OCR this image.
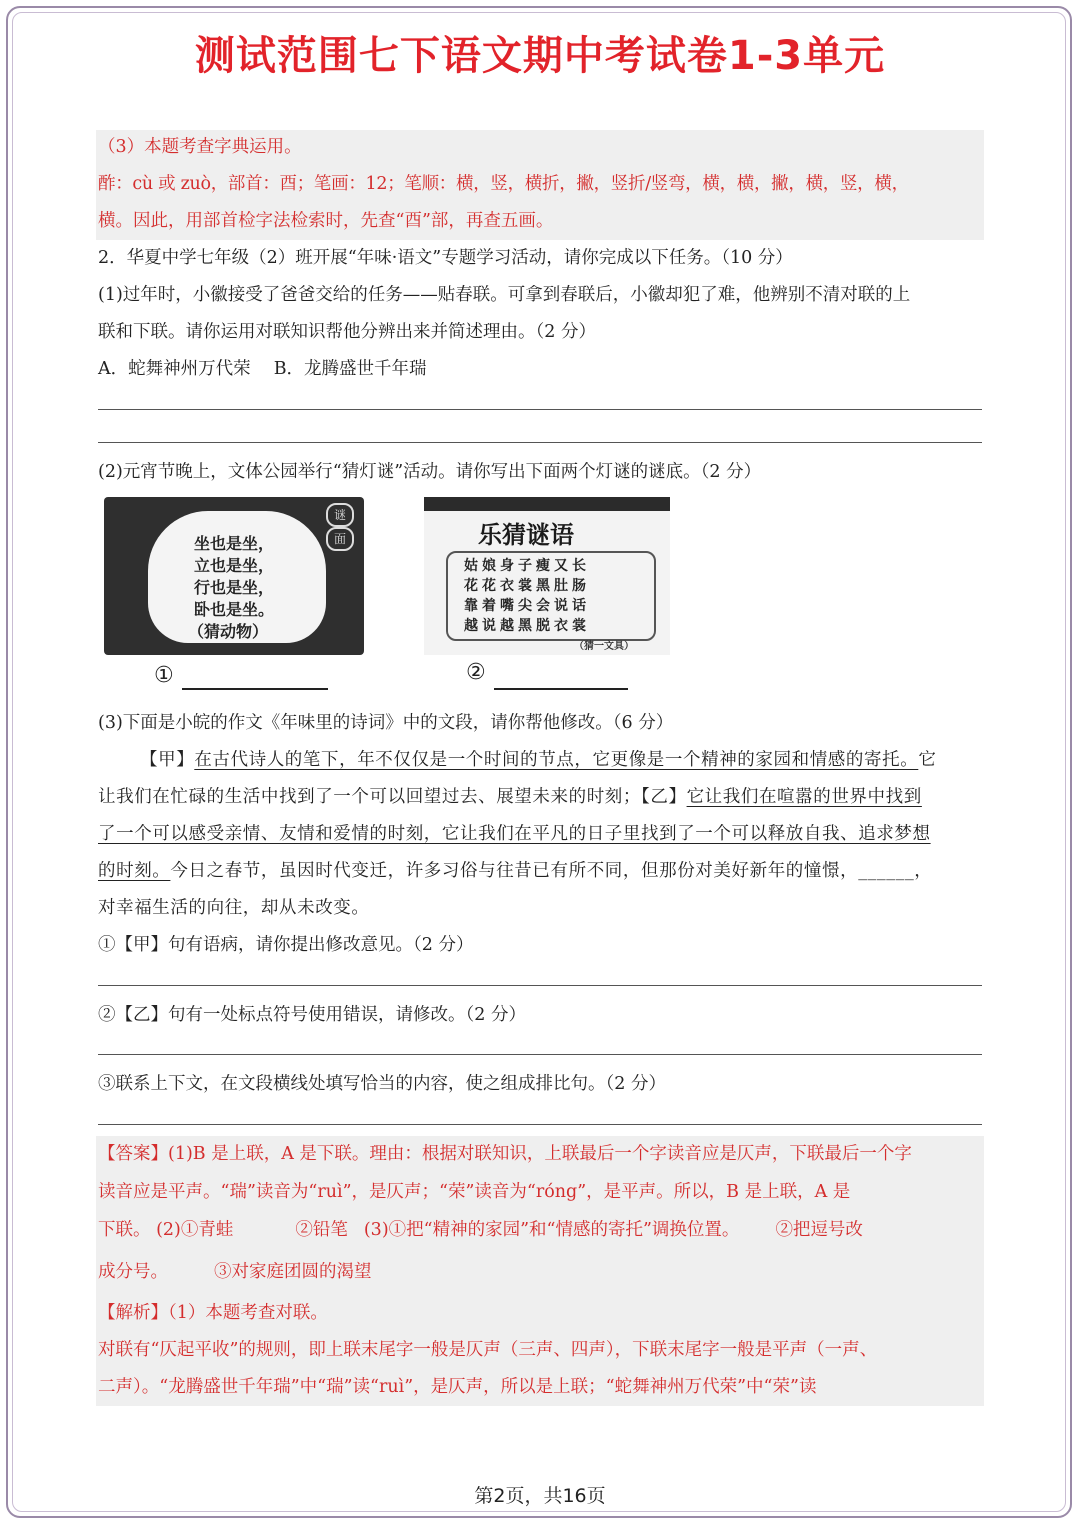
测试范围七下语文期中考试卷1-3单元
（3）本题考查字典运用。
酢：cù 或 zuò，部首：酉；笔画：12；笔顺：横，竖，横折，撇，竖折/竖弯，横，横，撇，横，竖，横，
横。因此，用部首检字法检索时，先查“酉”部，再查五画。
2．华夏中学七年级（2）班开展“年味·语文”专题学习活动，请你完成以下任务。（10 分）
(1)过年时，小徽接受了爸爸交给的任务——贴春联。可拿到春联后，小徽却犯了难，他辨别不清对联的上
联和下联。请你运用对联知识帮他分辨出来并简述理由。（2 分）
A．蛇舞神州万代荣　 B．龙腾盛世千年瑞
(2)元宵节晚上，文体公园举行“猜灯谜”活动。请你写出下面两个灯谜的谜底。（2 分）
谜
面
坐也是坐，
立也是坐，
行也是坐，
卧也是坐。
（猜动物）
①
乐猜谜语
姑娘身子瘦又长
花花衣裳黑肚肠
靠着嘴尖会说话
越说越黑脱衣裳
（猜一文具）
②
(3)下面是小皖的作文《年味里的诗词》中的文段，请你帮他修改。（6 分）
【甲】在古代诗人的笔下，年不仅仅是一个时间的节点，它更像是一个精神的家园和情感的寄托。它
让我们在忙碌的生活中找到了一个可以回望过去、展望未来的时刻；【乙】它让我们在喧嚣的世界中找到
了一个可以感受亲情、友情和爱情的时刻，它让我们在平凡的日子里找到了一个可以释放自我、追求梦想
的时刻。今日之春节，虽因时代变迁，许多习俗与往昔已有所不同，但那份对美好新年的憧憬，______，
对幸福生活的向往，却从未改变。
①【甲】句有语病，请你提出修改意见。（2 分）
②【乙】句有一处标点符号使用错误，请修改。（2 分）
③联系上下文，在文段横线处填写恰当的内容，使之组成排比句。（2 分）
【答案】(1)B 是上联，A 是下联。理由：根据对联知识，上联最后一个字读音应是仄声，下联最后一个字
读音应是平声。“瑞”读音为“ruì”，是仄声；“荣”读音为“róng”，是平声。所以，B 是上联，A 是
下联。 (2)①青蛙	②铅笔 (3)①把“精神的家园”和“情感的寄托”调换位置。 ②把逗号改
成分号。	③对家庭团圆的渴望
【解析】（1）本题考查对联。
对联有“仄起平收”的规则，即上联末尾字一般是仄声（三声、四声），下联末尾字一般是平声（一声、
二声）。“龙腾盛世千年瑞”中“瑞”读“ruì”，是仄声，所以是上联；“蛇舞神州万代荣”中“荣”读
第2页，共16页
